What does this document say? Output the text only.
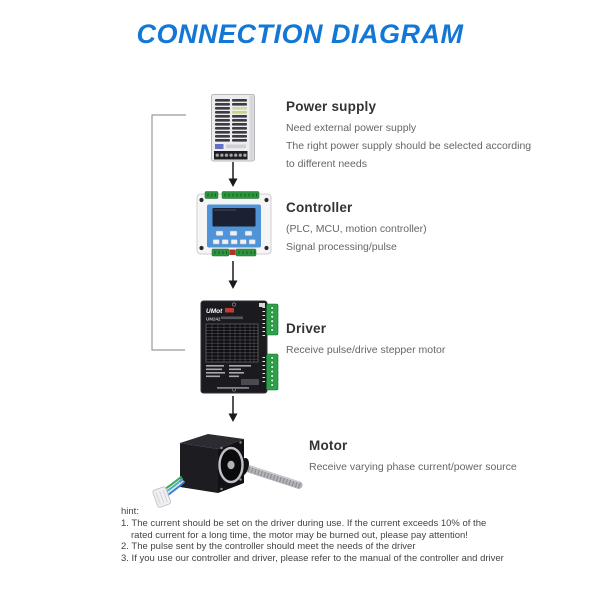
CONNECTION DIAGRAM
UMot
UM242
Power supply
Need external power supply
The right power supply should be selected according
to different needs
Controller
(PLC, MCU, motion controller)
Signal processing/pulse
Driver
Receive pulse/drive stepper motor
Motor
Receive varying phase current/power source
hint:
1. The current should be set on the driver during use. If the current exceeds 10% of the
rated current for a long time, the motor may be burned out, please pay attention!
2. The pulse sent by the controller should meet the needs of the driver
3. If you use our controller and driver, please refer to the manual of the controller and driver
